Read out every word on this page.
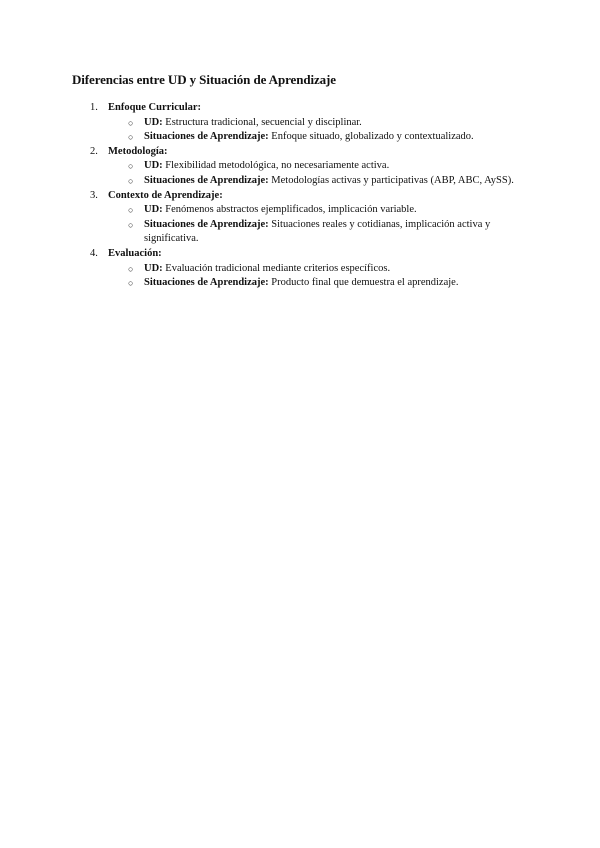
Diferencias entre UD y Situación de Aprendizaje
1. Enfoque Curricular:
○ UD: Estructura tradicional, secuencial y disciplinar.
○ Situaciones de Aprendizaje: Enfoque situado, globalizado y contextualizado.
2. Metodología:
○ UD: Flexibilidad metodológica, no necesariamente activa.
○ Situaciones de Aprendizaje: Metodologías activas y participativas (ABP, ABC, AySS).
3. Contexto de Aprendizaje:
○ UD: Fenómenos abstractos ejemplificados, implicación variable.
○ Situaciones de Aprendizaje: Situaciones reales y cotidianas, implicación activa y significativa.
4. Evaluación:
○ UD: Evaluación tradicional mediante criterios específicos.
○ Situaciones de Aprendizaje: Producto final que demuestra el aprendizaje.
